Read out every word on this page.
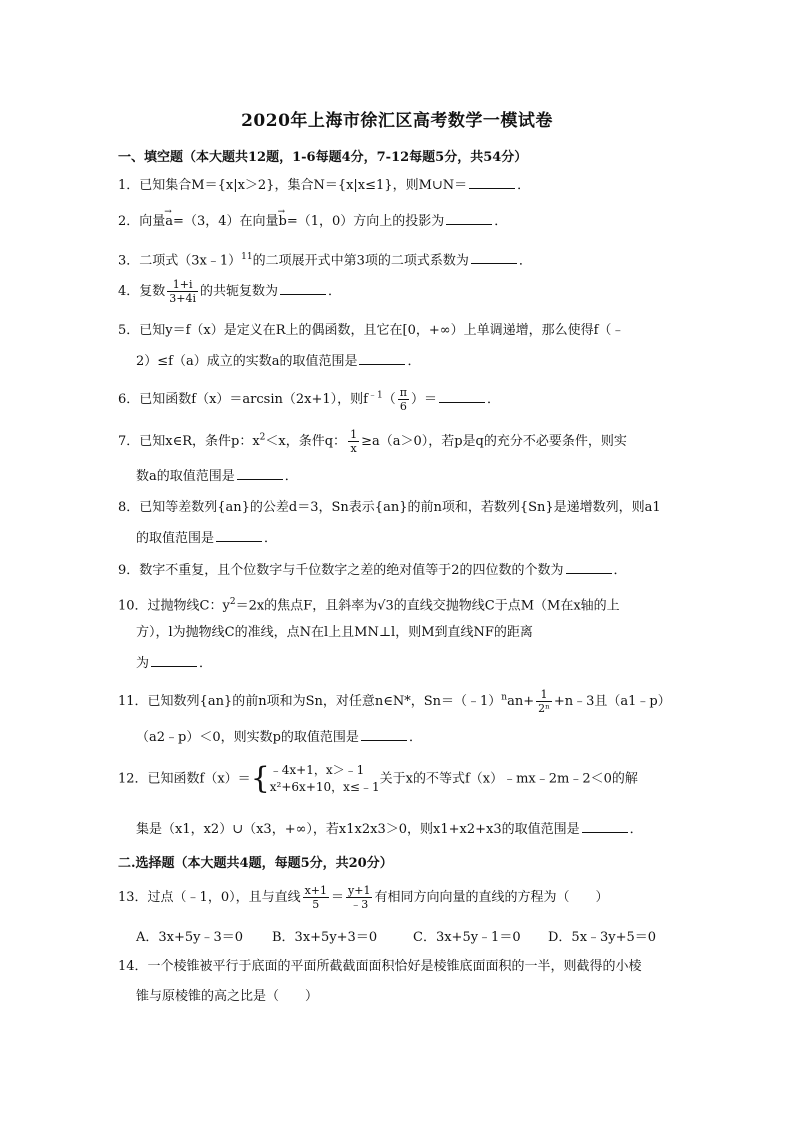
2020年上海市徐汇区高考数学一模试卷
一、填空题（本大题共12题，1-6每题4分，7-12每题5分，共54分）
1．已知集合M＝{x|x＞2}，集合N＝{x|x≤1}，则M∪N＝	．
2．向量→ a=（3，4）在向量→ b=（1，0）方向上的投影为	．
3．二项式（3x﹣1）$^{11}$的二项展开式中第3项的二项式系数为	．
4．复数 $\frac{1+i}{3+4i}$ 的共轭复数为	．
5．已知y＝f（x）是定义在R上的偶函数，且它在[0，+∞）上单调递增，那么使得f（﹣
2）≤f（a）成立的实数a的取值范围是	．
6．已知函数f（x）＝arcsin（2x+1），则$f^{﹣1}( \frac{\pi}{6}$ ）＝	．
7．已知x∈R，条件p：$x^2<x$，条件q： $\frac{1}{x} \ge a(a>0)$，若p是q的充分不必要条件，则实
数a的取值范围是	．
8．已知等差数列{an}的公差d＝3，Sn表示{an}的前n项和，若数列{Sn}是递增数列，则a1
的取值范围是	．
9．数字不重复，且个位数字与千位数字之差的绝对值等于2的四位数的个数为	．
10．过抛物线C：$y^2=2x$的焦点F，且斜率为√3的直线交抛物线C于点M（M在x轴的上
方），l为抛物线C的准线，点N在l上且MN⊥l，则M到直线NF的距离
为	．
11．已知数列{an}的前n项和为Sn，对任意n∈N*，Sn＝（﹣1）$^n$an+ $\frac{1}{\text{2ⁿ}}$ +n﹣3且（a1﹣p）
（a2﹣p）＜0，则实数p的取值范围是	．
12．已知函数f（x）＝{ ﹣4x+1，x＞﹣1
x²+6x+10，x≤﹣1
关于x的不等式f（x）﹣mx﹣2m﹣2＜0的解
集是（x1，x2）∪（x3，+∞），若x1x2x3＞0，则x1+x2+x3的取值范围是	．
二.选择题（本大题共4题，每题5分，共20分）
13．过点（﹣1，0），且与直线 $\frac{x+1}{5} = \frac{y+1}{﹣3}$ 有相同方向向量的直线的方程为（　　）
A．3x+5y﹣3＝0 B．3x+5y+3＝0	C．3x+5y﹣1＝0 D．5x﹣3y+5＝0
14．一个棱锥被平行于底面的平面所截截面面积恰好是棱锥底面面积的一半，则截得的小棱
锥与原棱锥的高之比是（　　）
